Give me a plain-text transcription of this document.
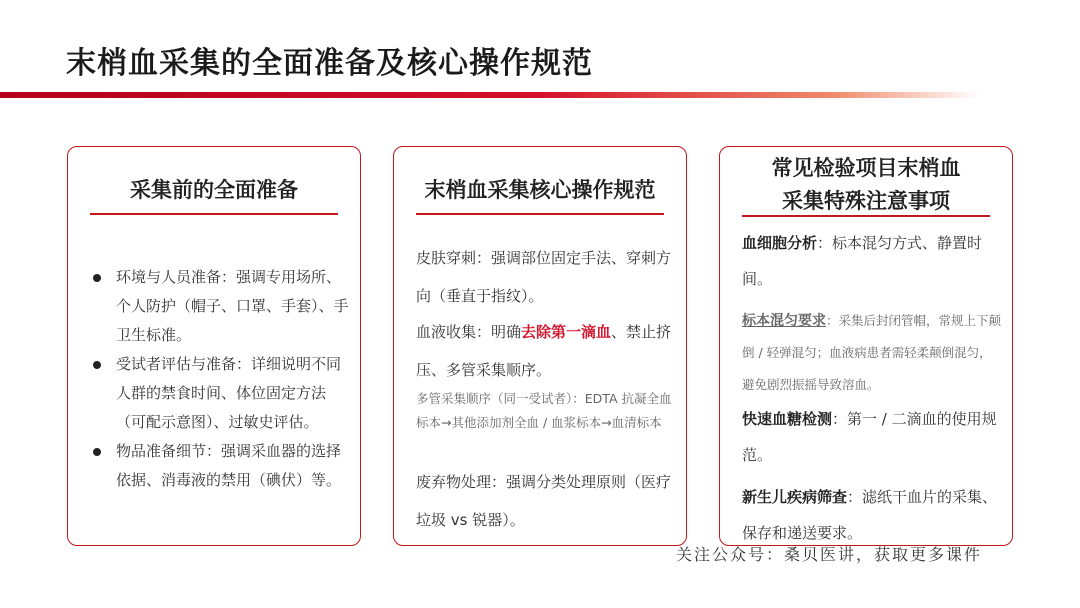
末梢血采集的全面准备及核心操作规范
采集前的全面准备
环境与人员准备：强调专用场所、个人防护（帽子、口罩、手套）、手卫生标准。
受试者评估与准备：详细说明不同人群的禁食时间、体位固定方法（可配示意图）、过敏史评估。
物品准备细节：强调采血器的选择依据、消毒液的禁用（碘伏）等。
末梢血采集核心操作规范
皮肤穿刺：强调部位固定手法、穿刺方向（垂直于指纹）。
血液收集：明确去除第一滴血、禁止挤压、多管采集顺序。
多管采集顺序（同一受试者）：EDTA 抗凝全血标本→其他添加剂全血 / 血浆标本→血清标本
废弃物处理：强调分类处理原则（医疗垃圾 vs 锐器）。
常见检验项目末梢血
采集特殊注意事项
血细胞分析：标本混匀方式、静置时间。
标本混匀要求：采集后封闭管帽，常规上下颠倒 / 轻弹混匀；血液病患者需轻柔颠倒混匀，避免剧烈振摇导致溶血。
快速血糖检测：第一 / 二滴血的使用规范。
新生儿疾病筛查：滤纸干血片的采集、保存和递送要求。
关注公众号：桑贝医讲，获取更多课件
